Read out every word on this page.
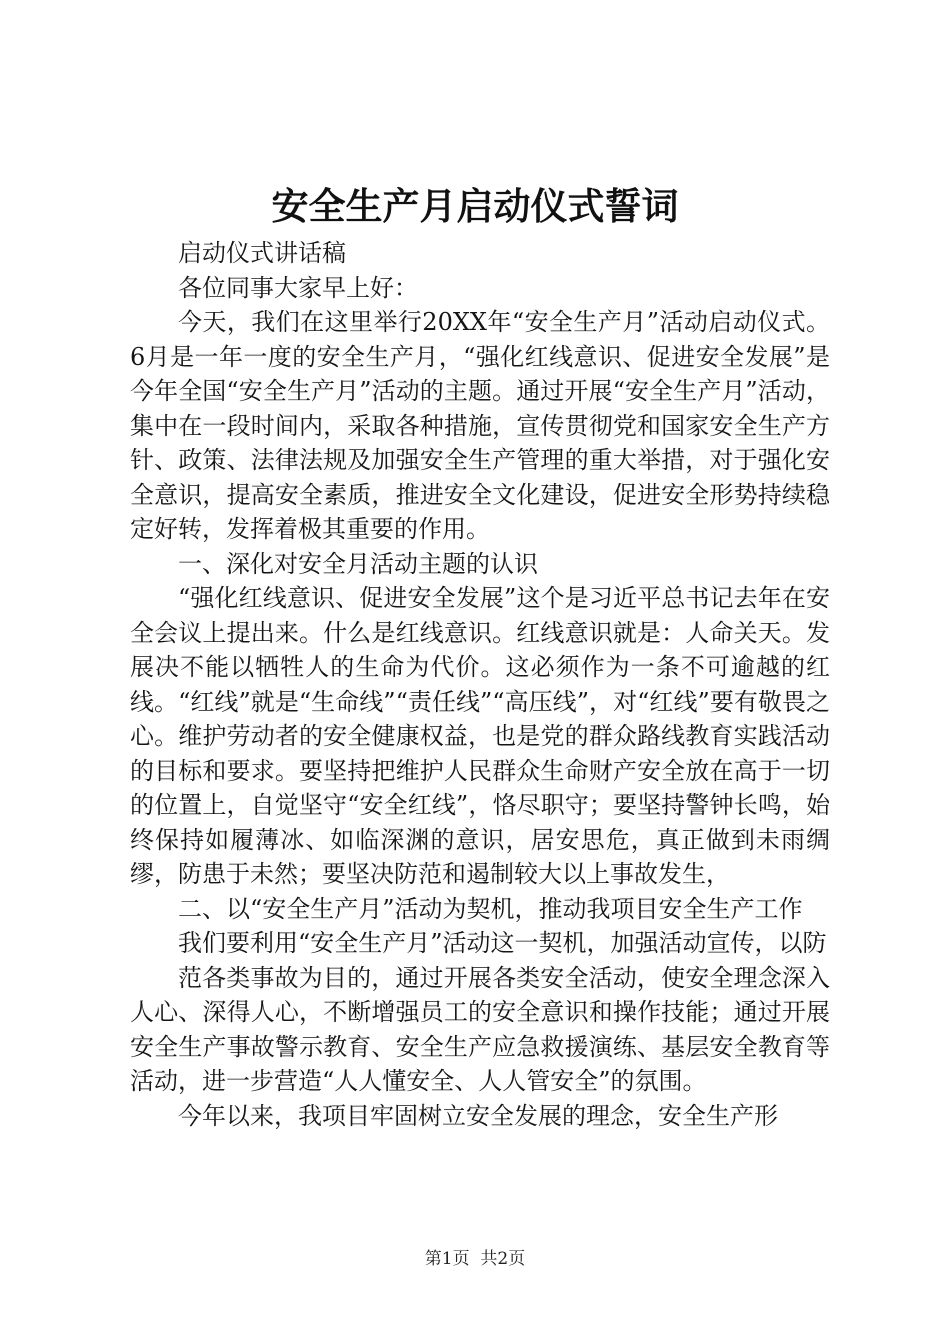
安全生产月启动仪式誓词

启动仪式讲话稿

各位同事大家早上好：

今天，我们在这里举行20XX年“安全生产月”活动启动仪式。6月是一年一度的安全生产月，“强化红线意识、促进安全发展”是今年全国“安全生产月”活动的主题。通过开展“安全生产月”活动，集中在一段时间内，采取各种措施，宣传贯彻党和国家安全生产方针、政策、法律法规及加强安全生产管理的重大举措，对于强化安全意识，提高安全素质，推进安全文化建设，促进安全形势持续稳定好转，发挥着极其重要的作用。

一、深化对安全月活动主题的认识

“强化红线意识、促进安全发展”这个是习近平总书记去年在安全会议上提出来。什么是红线意识。红线意识就是：人命关天。发展决不能以牺牲人的生命为代价。这必须作为一条不可逾越的红线。“红线”就是“生命线”“责任线”“高压线”，对“红线”要有敬畏之心。维护劳动者的安全健康权益，也是党的群众路线教育实践活动的目标和要求。要坚持把维护人民群众生命财产安全放在高于一切的位置上，自觉坚守“安全红线”，恪尽职守；要坚持警钟长鸣，始终保持如履薄冰、如临深渊的意识，居安思危，真正做到未雨绸缪，防患于未然；要坚决防范和遏制较大以上事故发生，

二、以“安全生产月”活动为契机，推动我项目安全生产工作

我们要利用“安全生产月”活动这一契机，加强活动宣传，以防

范各类事故为目的，通过开展各类安全活动，使安全理念深入人心、深得人心，不断增强员工的安全意识和操作技能；通过开展安全生产事故警示教育、安全生产应急救援演练、基层安全教育等活动，进一步营造“人人懂安全、人人管安全”的氛围。

今年以来，我项目牢固树立安全发展的理念，安全生产形

第1页  共2页
